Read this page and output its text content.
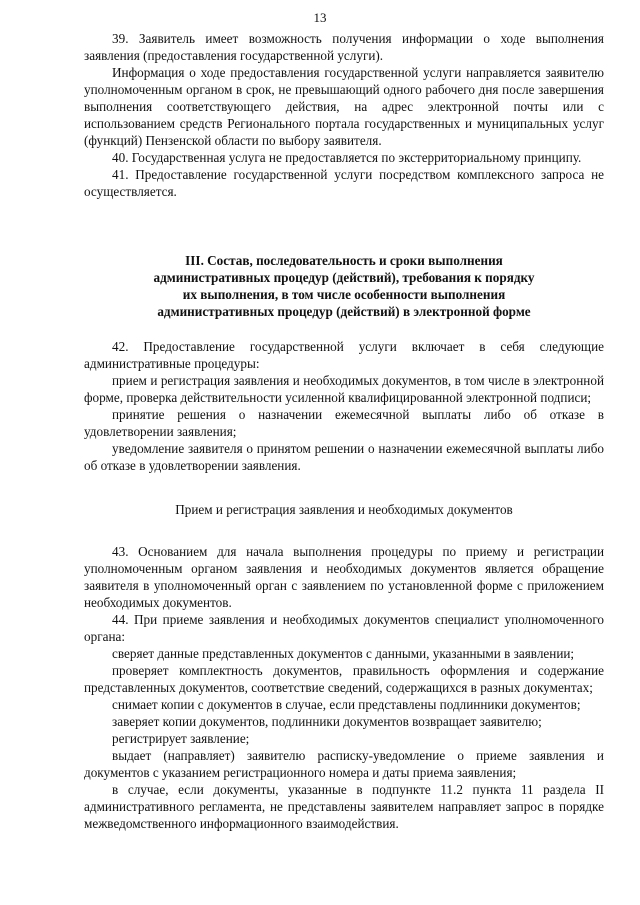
13

39. Заявитель имеет возможность получения информации о ходе выполнения заявления (предоставления государственной услуги).

Информация о ходе предоставления государственной услуги направляется заявителю уполномоченным органом в срок, не превышающий одного рабочего дня после завершения выполнения соответствующего действия, на адрес электронной почты или с использованием средств Регионального портала государственных и муниципальных услуг (функций) Пензенской области по выбору заявителя.

40. Государственная услуга не предоставляется по экстерриториальному принципу.

41. Предоставление государственной услуги посредством комплексного запроса не осуществляется.

III. Состав, последовательность и сроки выполнения
административных процедур (действий), требования к порядку
их выполнения, в том числе особенности выполнения
административных процедур (действий) в электронной форме

42. Предоставление государственной услуги включает в себя следующие административные процедуры:

прием и регистрация заявления и необходимых документов, в том числе в электронной форме, проверка действительности усиленной квалифицированной электронной подписи;

принятие решения о назначении ежемесячной выплаты либо об отказе в удовлетворении заявления;

уведомление заявителя о принятом решении о назначении ежемесячной выплаты либо об отказе в удовлетворении заявления.

Прием и регистрация заявления и необходимых документов

43. Основанием для начала выполнения процедуры по приему и регистрации уполномоченным органом заявления и необходимых документов является обращение заявителя в уполномоченный орган с заявлением по установленной форме с приложением необходимых документов.

44. При приеме заявления и необходимых документов специалист уполномоченного органа:

сверяет данные представленных документов с данными, указанными в заявлении;

проверяет комплектность документов, правильность оформления и содержание представленных документов, соответствие сведений, содержащихся в разных документах;

снимает копии с документов в случае, если представлены подлинники документов;

заверяет копии документов, подлинники документов возвращает заявителю;

регистрирует заявление;

выдает (направляет) заявителю расписку-уведомление о приеме заявления и документов с указанием регистрационного номера и даты приема заявления;

в случае, если документы, указанные в подпункте 11.2 пункта 11 раздела II административного регламента, не представлены заявителем направляет запрос в порядке межведомственного информационного взаимодействия.
